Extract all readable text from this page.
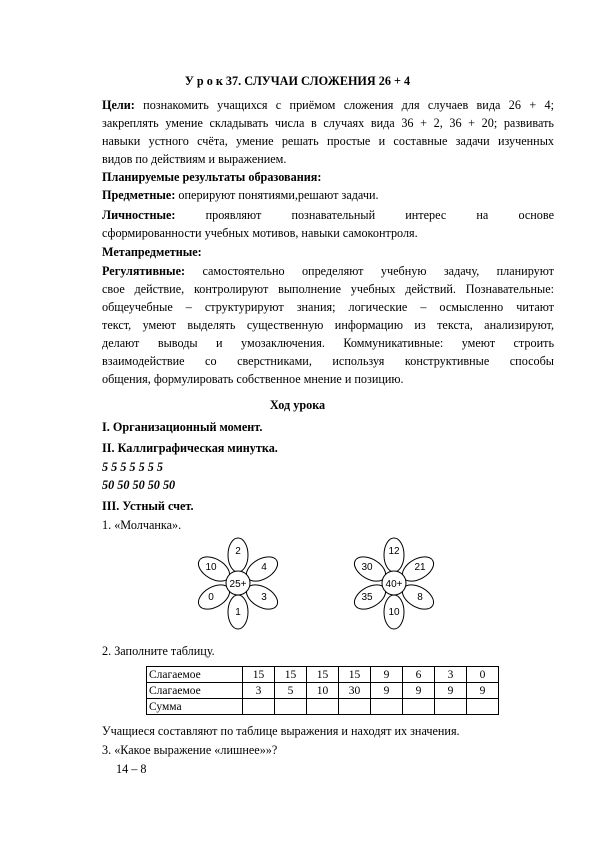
У р о к 37. СЛУЧАИ СЛОЖЕНИЯ 26 + 4
Цели: познакомить учащихся с приёмом сложения для случаев вида 26 + 4;
закреплять умение складывать числа в случаях вида 36 + 2, 36 + 20; развивать
навыки устного счёта, умение решать простые и составные задачи изученных
видов по действиям и выражением.
Планируемые результаты образования:
Предметные: оперируют понятиями,решают задачи.
Личностные: проявляют познавательный интерес на основе
сформированности учебных мотивов, навыки самоконтроля.
Метапредметные:
Регулятивные: самостоятельно определяют учебную задачу, планируют
свое действие, контролируют выполнение учебных действий. Познавательные:
общеучебные – структурируют знания; логические – осмысленно читают
текст, умеют выделять существенную информацию из текста, анализируют,
делают выводы и умозаключения. Коммуникативные: умеют строить
взаимодействие со сверстниками, используя конструктивные способы
общения, формулировать собственное мнение и позицию.
Ход урока
I. Организационный момент.
II. Каллиграфическая минутка.
5 5 5 5 5 5 5
50 50 50 50 50
III. Устный счет.
1. «Молчанка».
25+
2
4
3
1
0
10
40+
12
21
8
10
35
30
2. Заполните таблицу.
Слагаемое	15	15	15	15	9	6	3	0
Слагаемое	3	5	10	30	9	9	9	9
Сумма								
Учащиеся составляют по таблице выражения и находят их значения.
3. «Какое выражение «лишнее»»?
14 – 8
